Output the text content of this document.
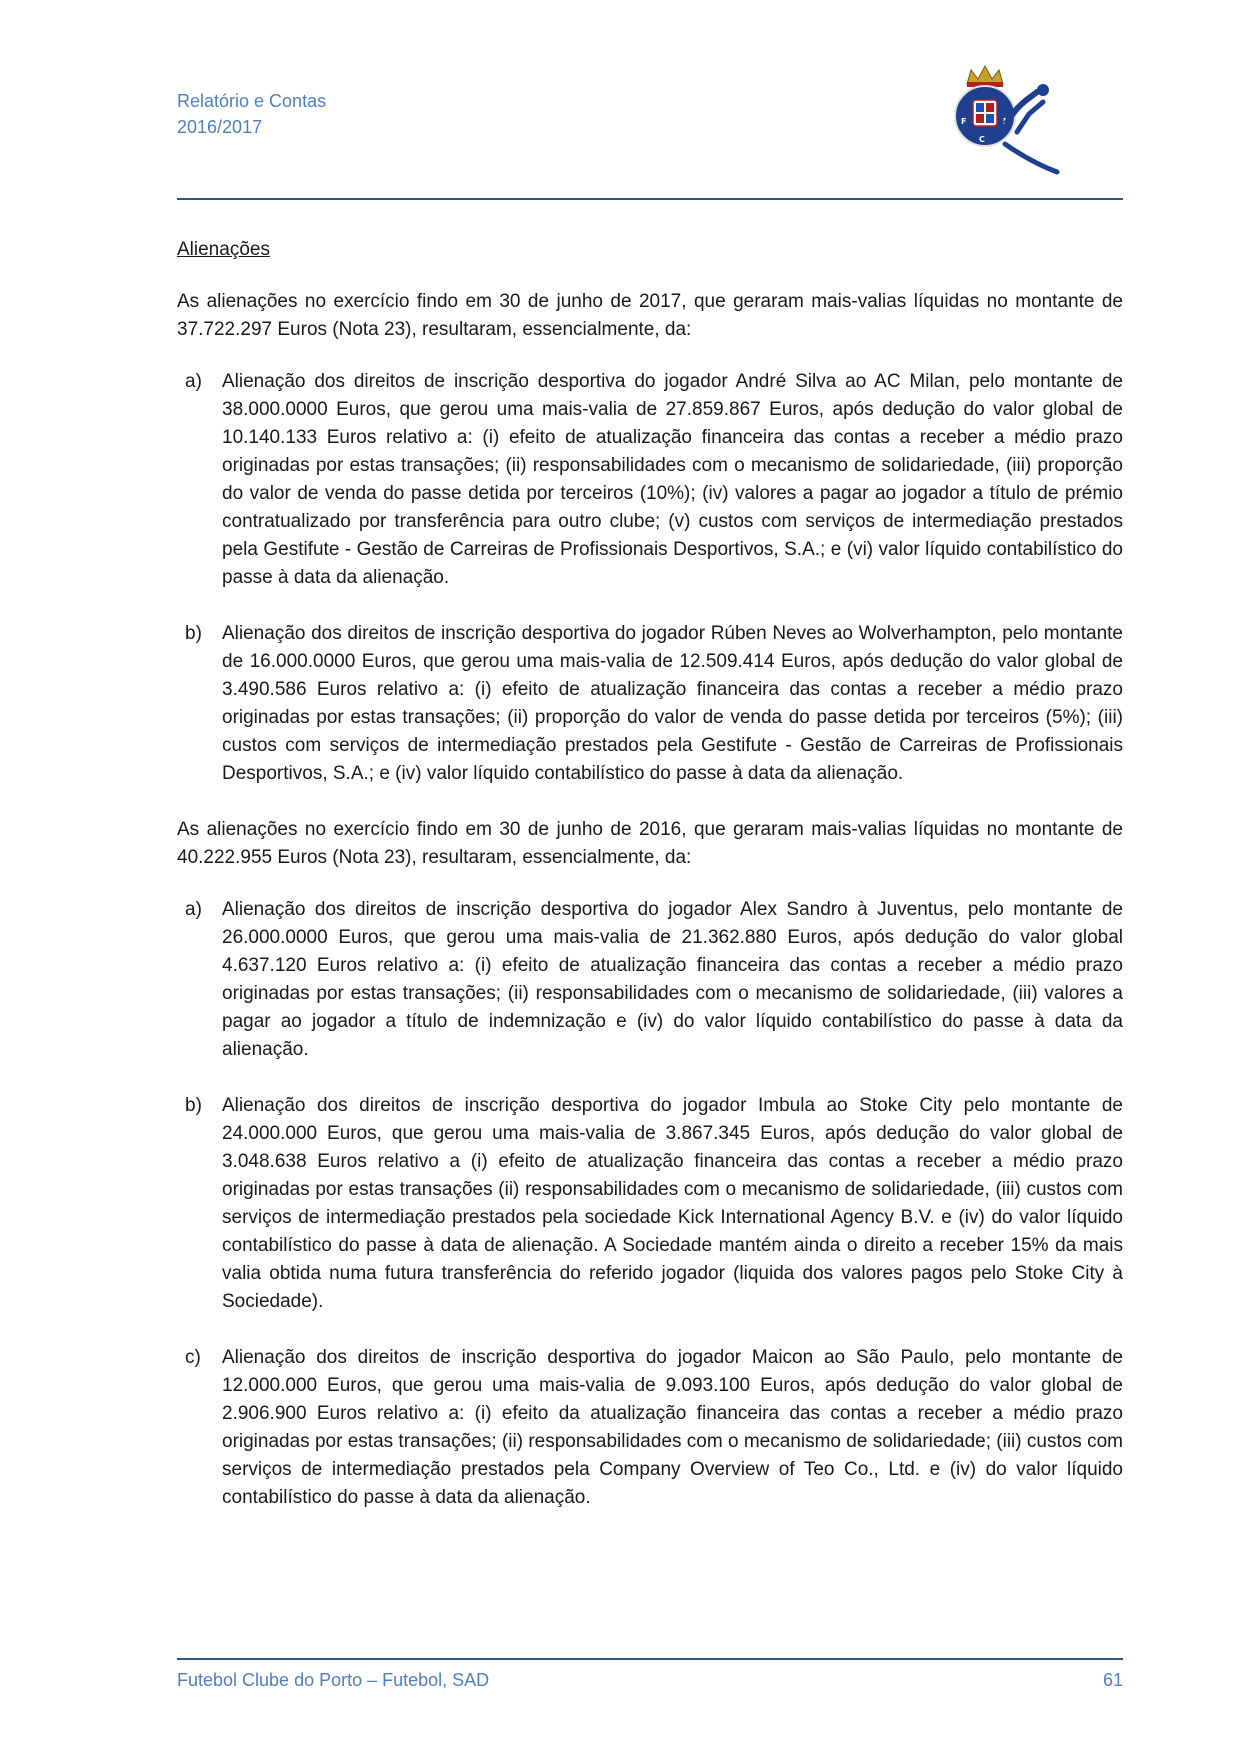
Relatório e Contas
2016/2017	F
C
P

Alienações

As alienações no exercício findo em 30 de junho de 2017, que geraram mais-valias líquidas no montante de 37.722.297 Euros (Nota 23), resultaram, essencialmente, da:

a) Alienação dos direitos de inscrição desportiva do jogador André Silva ao AC Milan, pelo montante de 38.000.0000 Euros, que gerou uma mais-valia de 27.859.867 Euros, após dedução do valor global de 10.140.133 Euros relativo a: (i) efeito de atualização financeira das contas a receber a médio prazo originadas por estas transações; (ii) responsabilidades com o mecanismo de solidariedade, (iii) proporção do valor de venda do passe detida por terceiros (10%); (iv) valores a pagar ao jogador a título de prémio contratualizado por transferência para outro clube; (v) custos com serviços de intermediação prestados pela Gestifute - Gestão de Carreiras de Profissionais Desportivos, S.A.; e (vi) valor líquido contabilístico do passe à data da alienação.
b) Alienação dos direitos de inscrição desportiva do jogador Rúben Neves ao Wolverhampton, pelo montante de 16.000.0000 Euros, que gerou uma mais-valia de 12.509.414 Euros, após dedução do valor global de 3.490.586 Euros relativo a: (i) efeito de atualização financeira das contas a receber a médio prazo originadas por estas transações; (ii) proporção do valor de venda do passe detida por terceiros (5%); (iii) custos com serviços de intermediação prestados pela Gestifute - Gestão de Carreiras de Profissionais Desportivos, S.A.; e (iv) valor líquido contabilístico do passe à data da alienação.

As alienações no exercício findo em 30 de junho de 2016, que geraram mais-valias líquidas no montante de 40.222.955 Euros (Nota 23), resultaram, essencialmente, da:

a) Alienação dos direitos de inscrição desportiva do jogador Alex Sandro à Juventus, pelo montante de 26.000.0000 Euros, que gerou uma mais-valia de 21.362.880 Euros, após dedução do valor global 4.637.120 Euros relativo a: (i) efeito de atualização financeira das contas a receber a médio prazo originadas por estas transações; (ii) responsabilidades com o mecanismo de solidariedade, (iii) valores a pagar ao jogador a título de indemnização e (iv) do valor líquido contabilístico do passe à data da alienação.
b) Alienação dos direitos de inscrição desportiva do jogador Imbula ao Stoke City pelo montante de 24.000.000 Euros, que gerou uma mais-valia de 3.867.345 Euros, após dedução do valor global de 3.048.638 Euros relativo a (i) efeito de atualização financeira das contas a receber a médio prazo originadas por estas transações (ii) responsabilidades com o mecanismo de solidariedade, (iii) custos com serviços de intermediação prestados pela sociedade Kick International Agency B.V. e (iv) do valor líquido contabilístico do passe à data de alienação. A Sociedade mantém ainda o direito a receber 15% da mais valia obtida numa futura transferência do referido jogador (liquida dos valores pagos pelo Stoke City à Sociedade).
c) Alienação dos direitos de inscrição desportiva do jogador Maicon ao São Paulo, pelo montante de 12.000.000 Euros, que gerou uma mais-valia de 9.093.100 Euros, após dedução do valor global de 2.906.900 Euros relativo a: (i) efeito da atualização financeira das contas a receber a médio prazo originadas por estas transações; (ii) responsabilidades com o mecanismo de solidariedade; (iii) custos com serviços de intermediação prestados pela Company Overview of Teo Co., Ltd. e (iv) do valor líquido contabilístico do passe à data da alienação.
Futebol Clube do Porto – Futebol, SAD	61
